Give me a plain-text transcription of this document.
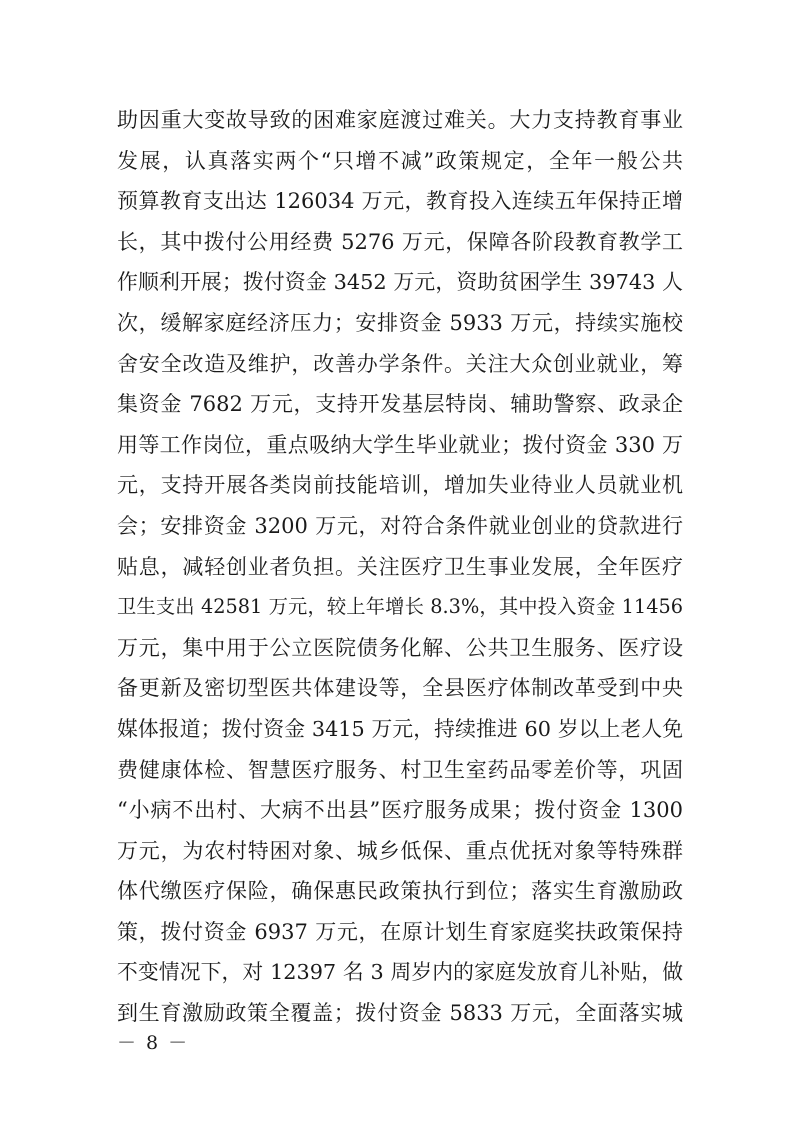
助因重大变故导致的困难家庭渡过难关。大力支持教育事业
发展，认真落实两个“只增不减”政策规定，全年一般公共
预算教育支出达 126034 万元，教育投入连续五年保持正增
长，其中拨付公用经费 5276 万元，保障各阶段教育教学工
作顺利开展；拨付资金 3452 万元，资助贫困学生 39743 人
次，缓解家庭经济压力；安排资金 5933 万元，持续实施校
舍安全改造及维护，改善办学条件。关注大众创业就业，筹
集资金 7682 万元，支持开发基层特岗、辅助警察、政录企
用等工作岗位，重点吸纳大学生毕业就业；拨付资金 330 万
元，支持开展各类岗前技能培训，增加失业待业人员就业机
会；安排资金 3200 万元，对符合条件就业创业的贷款进行
贴息，减轻创业者负担。关注医疗卫生事业发展，全年医疗
卫生支出 42581 万元，较上年增长 8.3%，其中投入资金 11456
万元，集中用于公立医院债务化解、公共卫生服务、医疗设
备更新及密切型医共体建设等，全县医疗体制改革受到中央
媒体报道；拨付资金 3415 万元，持续推进 60 岁以上老人免
费健康体检、智慧医疗服务、村卫生室药品零差价等，巩固
“小病不出村、大病不出县”医疗服务成果；拨付资金 1300
万元，为农村特困对象、城乡低保、重点优抚对象等特殊群
体代缴医疗保险，确保惠民政策执行到位；落实生育激励政
策，拨付资金 6937 万元，在原计划生育家庭奖扶政策保持
不变情况下，对 12397 名 3 周岁内的家庭发放育儿补贴，做
到生育激励政策全覆盖；拨付资金 5833 万元，全面落实城
－ 8 －
